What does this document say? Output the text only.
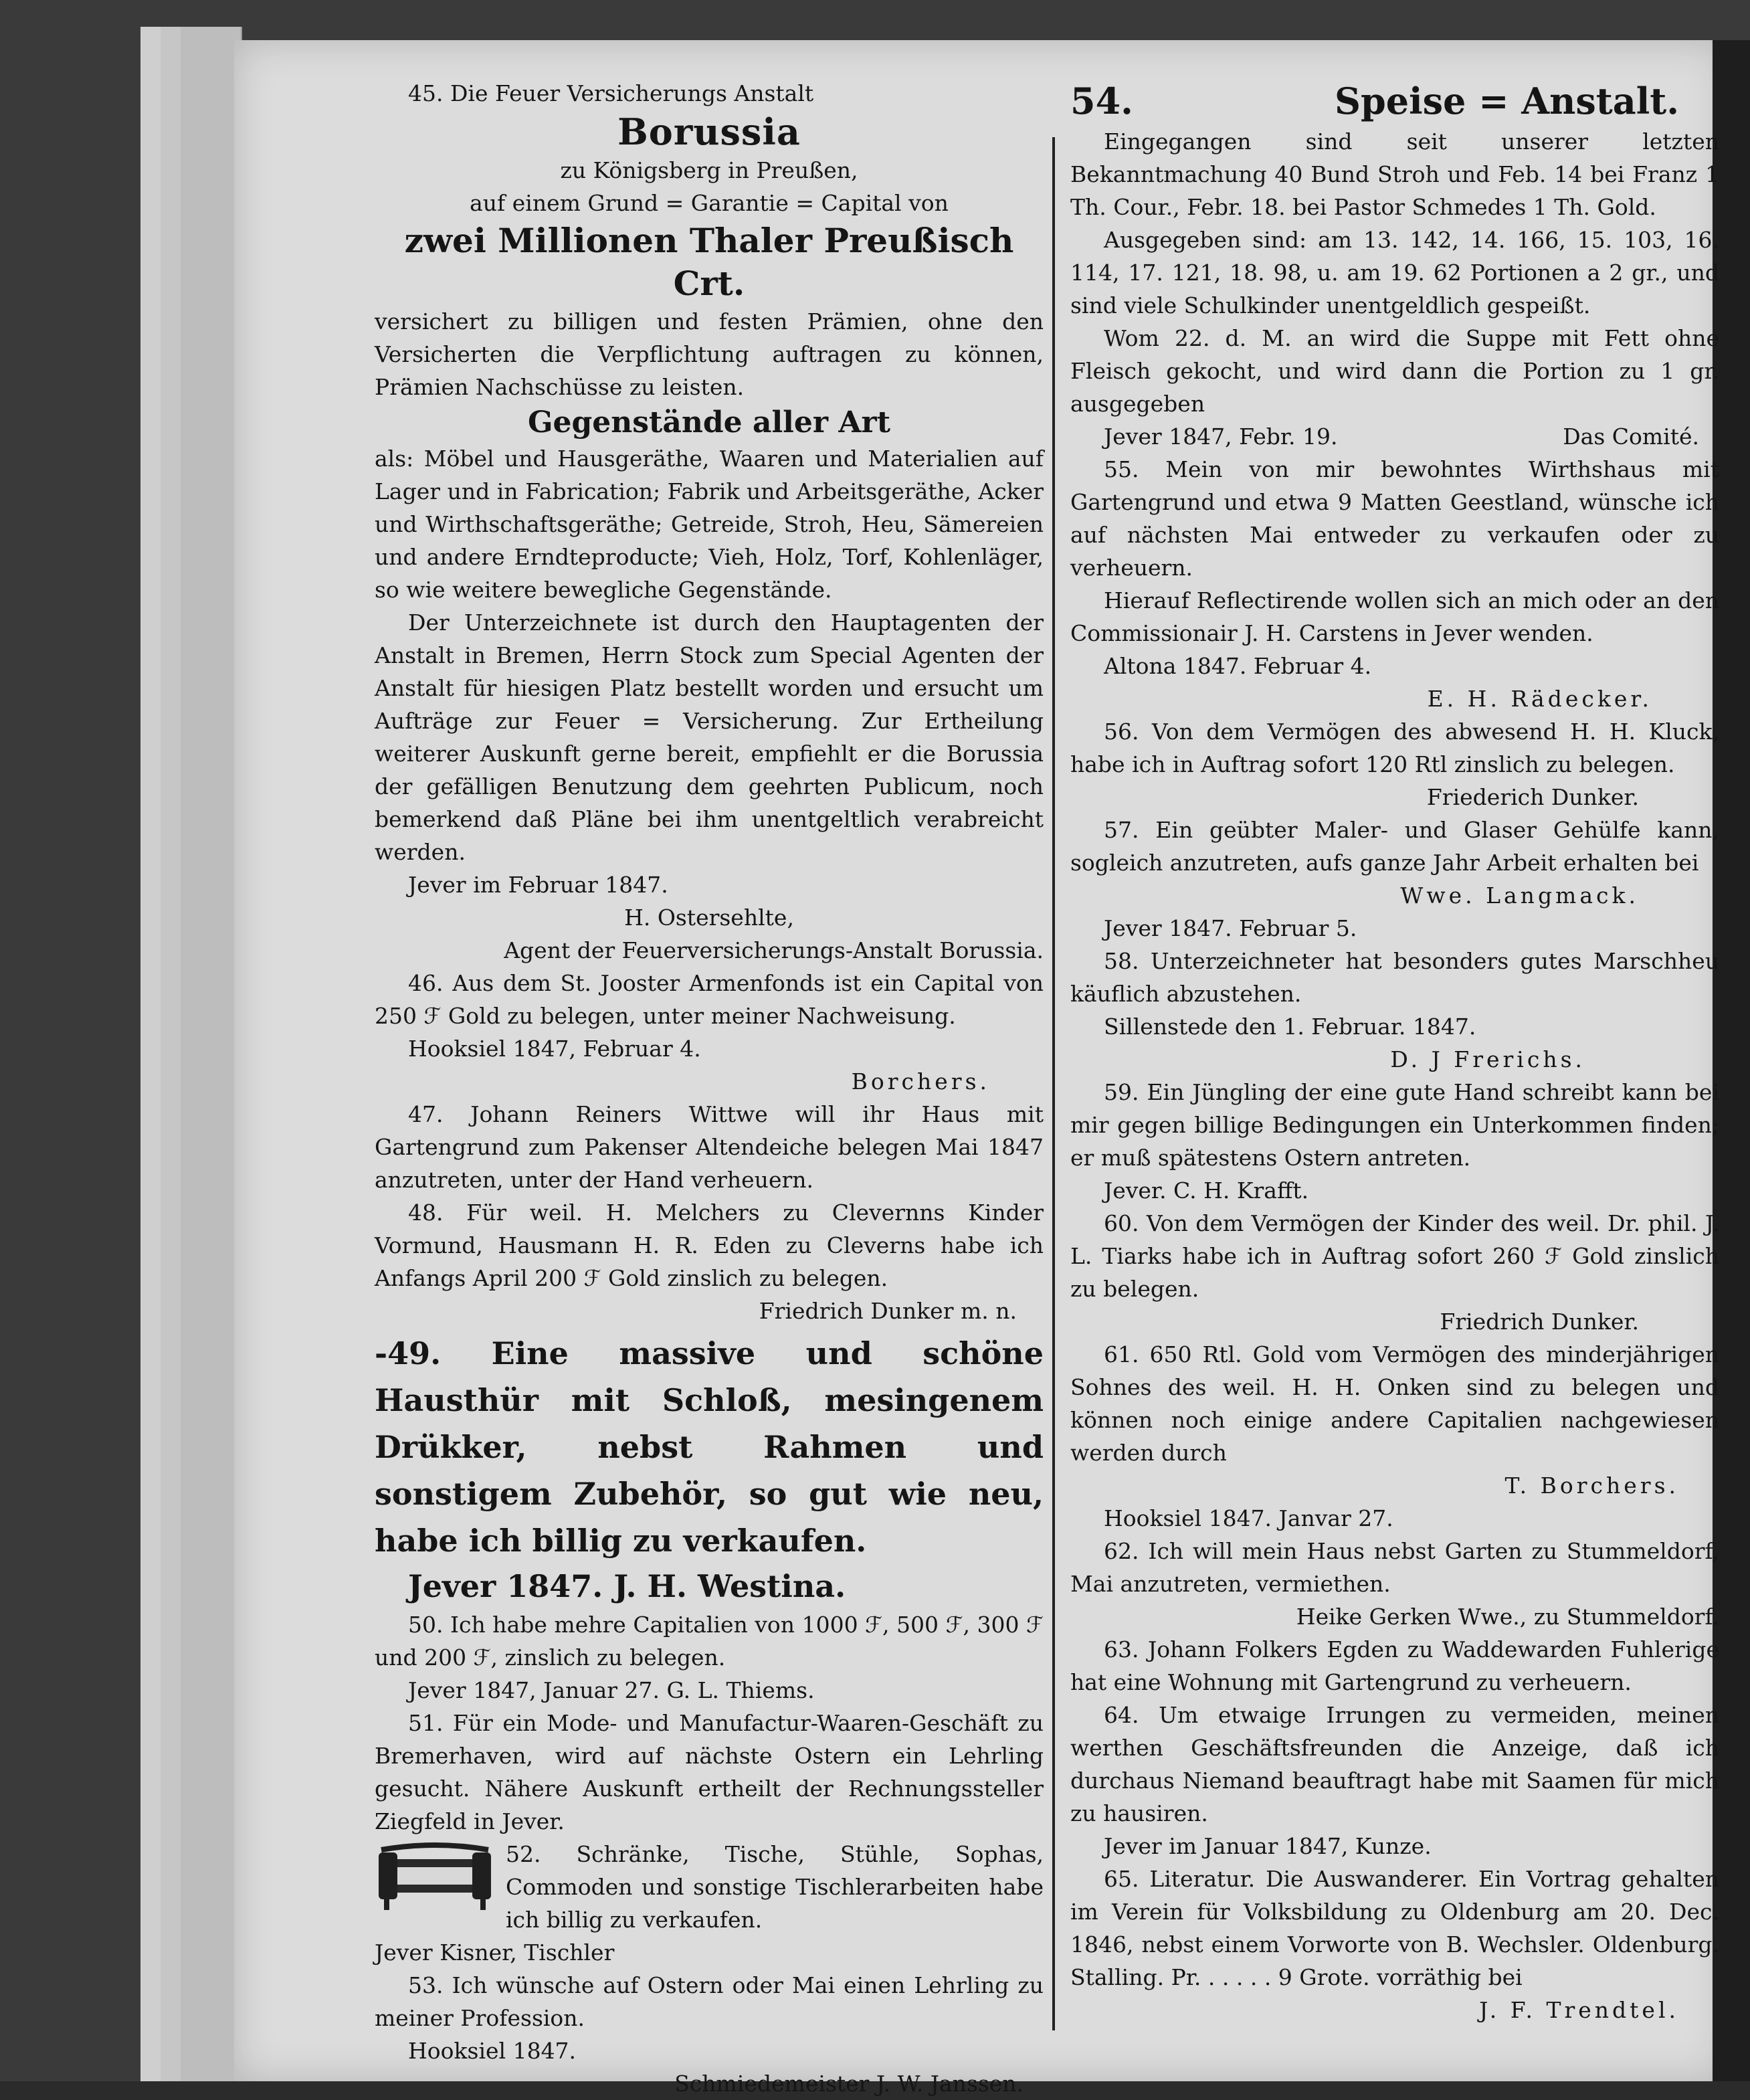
45. Die Feuer Versicherungs Anstalt

Borussia

zu Königsberg in Preußen,

auf einem Grund = Garantie = Capital von

zwei Millionen Thaler Preußisch Crt.

versichert zu billigen und festen Prämien, ohne den Versicherten die Verpflichtung auftragen zu können, Prämien Nachschüsse zu leisten.

Gegenstände aller Art

als: Möbel und Hausgeräthe, Waaren und Materialien auf Lager und in Fabrication; Fabrik und Arbeitsgeräthe, Acker und Wirthschaftsgeräthe; Getreide, Stroh, Heu, Sämereien und andere Erndteproducte; Vieh, Holz, Torf, Kohlenläger, so wie weitere bewegliche Gegenstände.

Der Unterzeichnete ist durch den Hauptagenten der Anstalt in Bremen, Herrn Stock zum Special Agenten der Anstalt für hiesigen Platz bestellt worden und ersucht um Aufträge zur Feuer = Versicherung. Zur Ertheilung weiterer Auskunft gerne bereit, empfiehlt er die Borussia der gefälligen Benutzung dem geehrten Publicum, noch bemerkend daß Pläne bei ihm unentgeltlich verabreicht werden.

Jever im Februar 1847.

H. Ostersehlte,

Agent der Feuerversicherungs-Anstalt Borussia.

46. Aus dem St. Jooster Armenfonds ist ein Capital von 250 ℱ Gold zu belegen, unter meiner Nachweisung.

Hooksiel 1847, Februar 4.

Borchers.

47. Johann Reiners Wittwe will ihr Haus mit Gartengrund zum Pakenser Altendeiche belegen Mai 1847 anzutreten, unter der Hand verheuern.

48. Für weil. H. Melchers zu Clevernns Kinder Vormund, Hausmann H. R. Eden zu Cleverns habe ich Anfangs April 200 ℱ Gold zinslich zu belegen.

Friedrich Dunker m. n.

-49. Eine massive und schöne Hausthür mit Schloß, mesingenem Drükker, nebst Rahmen und sonstigem Zubehör, so gut wie neu, habe ich billig zu verkaufen.

Jever 1847. J. H. Westina.

50. Ich habe mehre Capitalien von 1000 ℱ, 500 ℱ, 300 ℱ und 200 ℱ, zinslich zu belegen.

Jever 1847, Januar 27. G. L. Thiems.

51. Für ein Mode- und Manufactur-Waaren-Geschäft zu Bremerhaven, wird auf nächste Ostern ein Lehrling gesucht. Nähere Auskunft ertheilt der Rechnungssteller Ziegfeld in Jever.

52. Schränke, Tische, Stühle, Sophas, Commoden und sonstige Tischlerarbeiten habe ich billig zu verkaufen.

Jever Kisner, Tischler

53. Ich wünsche auf Ostern oder Mai einen Lehrling zu meiner Profession.

Hooksiel 1847.

Schmiedemeister J. W. Janssen.

54.	Speise = Anstalt.

Eingegangen sind seit unserer letzten Bekanntmachung 40 Bund Stroh und Feb. 14 bei Franz 1 Th. Cour., Febr. 18. bei Pastor Schmedes 1 Th. Gold.

Ausgegeben sind: am 13. 142, 14. 166, 15. 103, 16. 114, 17. 121, 18. 98, u. am 19. 62 Portionen a 2 gr., und sind viele Schulkinder unentgeldlich gespeißt.

Wom 22. d. M. an wird die Suppe mit Fett ohne Fleisch gekocht, und wird dann die Portion zu 1 gr. ausgegeben

Jever 1847, Febr. 19.	Das Comité.

55. Mein von mir bewohntes Wirthshaus mit Gartengrund und etwa 9 Matten Geestland, wünsche ich auf nächsten Mai entweder zu verkaufen oder zu verheuern.

Hierauf Reflectirende wollen sich an mich oder an den Commissionair J. H. Carstens in Jever wenden.

Altona 1847. Februar 4.

E. H. Rädecker.

56. Von dem Vermögen des abwesend H. H. Kluck, habe ich in Auftrag sofort 120 Rtl zinslich zu belegen.

Friederich Dunker.

57. Ein geübter Maler- und Glaser Gehülfe kann, sogleich anzutreten, aufs ganze Jahr Arbeit erhalten bei

Wwe. Langmack.

Jever 1847. Februar 5.

58. Unterzeichneter hat besonders gutes Marschheu käuflich abzustehen.

Sillenstede den 1. Februar. 1847.

D. J Frerichs.

59. Ein Jüngling der eine gute Hand schreibt kann bei mir gegen billige Bedingungen ein Unterkommen finden; er muß spätestens Ostern antreten.

Jever. C. H. Krafft.

60. Von dem Vermögen der Kinder des weil. Dr. phil. J. L. Tiarks habe ich in Auftrag sofort 260 ℱ Gold zinslich zu belegen.

Friedrich Dunker.

61. 650 Rtl. Gold vom Vermögen des minderjährigen Sohnes des weil. H. H. Onken sind zu belegen und können noch einige andere Capitalien nachgewiesen werden durch

T. Borchers.

Hooksiel 1847. Janvar 27.

62. Ich will mein Haus nebst Garten zu Stummeldorf, Mai anzutreten, vermiethen.

Heike Gerken Wwe., zu Stummeldorf.

63. Johann Folkers Egden zu Waddewarden Fuhlerige hat eine Wohnung mit Gartengrund zu verheuern.

64. Um etwaige Irrungen zu vermeiden, meinen werthen Geschäftsfreunden die Anzeige, daß ich durchaus Niemand beauftragt habe mit Saamen für mich zu hausiren.

Jever im Januar 1847, Kunze.

65. Literatur. Die Auswanderer. Ein Vortrag gehalten im Verein für Volksbildung zu Oldenburg am 20. Dec. 1846, nebst einem Vorworte von B. Wechsler. Oldenburg. Stalling. Pr. . . . . . 9 Grote. vorräthig bei

J. F. Trendtel.
